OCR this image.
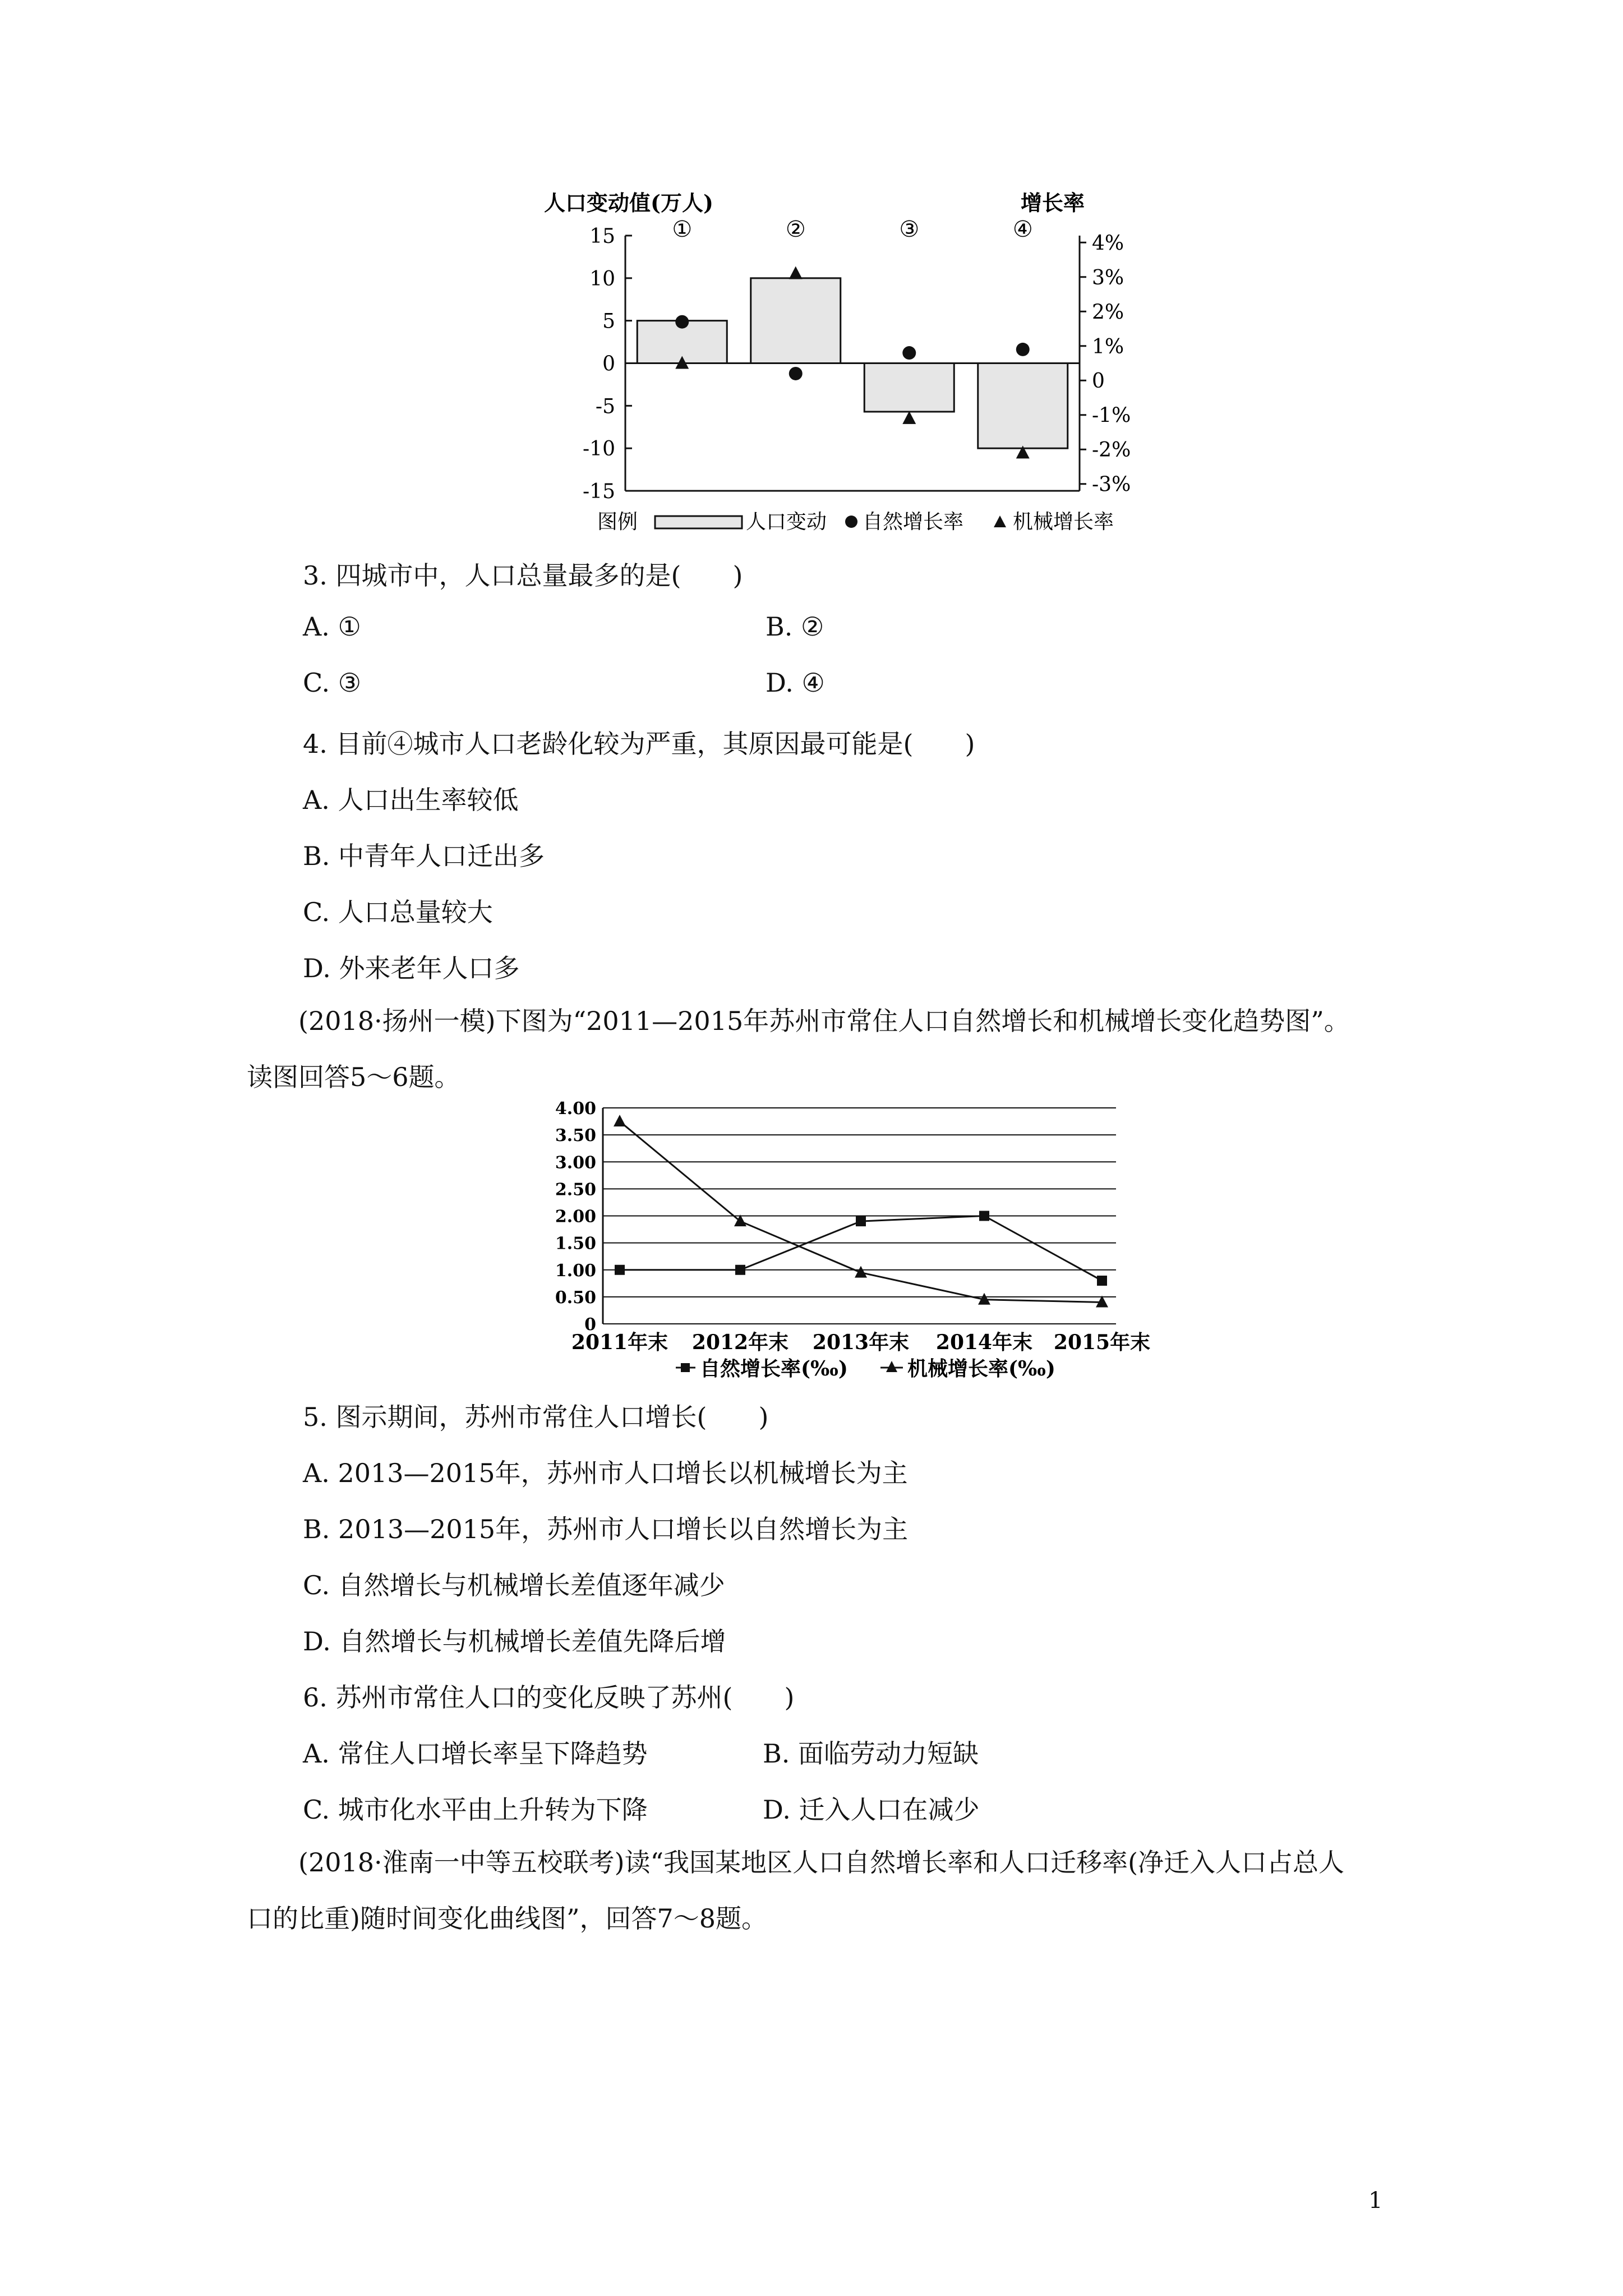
15
10
5
0
-5
-10
-15
4%
3%
2%
1%
0
-1%
-2%
-3%
①	②	③	④
人口变动值(万人)	增长率
图例	人口变动 自然增长率 机械增长率
3. 四城市中，人口总量最多的是(　　)
A. ①	B. ②
C. ③	D. ④
4. 目前④城市人口老龄化较为严重，其原因最可能是(　　)
A. 人口出生率较低
B. 中青年人口迁出多
C. 人口总量较大
D. 外来老年人口多
(2018·扬州一模)下图为“2011—2015年苏州市常住人口自然增长和机械增长变化趋势图”。读图回答5～6题。
4.00
3.50
3.00
2.50
2.00
1.50
1.00
0.50
0
2011年末 2012年末 2013年末 2014年末 2015年末
自然增长率(‰)	机械增长率(‰)
5. 图示期间，苏州市常住人口增长(　　)
A. 2013—2015年，苏州市人口增长以机械增长为主
B. 2013—2015年，苏州市人口增长以自然增长为主
C. 自然增长与机械增长差值逐年减少
D. 自然增长与机械增长差值先降后增
6. 苏州市常住人口的变化反映了苏州(　　)
A. 常住人口增长率呈下降趋势	B. 面临劳动力短缺
C. 城市化水平由上升转为下降	D. 迁入人口在减少
(2018·淮南一中等五校联考)读“我国某地区人口自然增长率和人口迁移率(净迁入人口占总人口的比重)随时间变化曲线图”，回答7～8题。
1
